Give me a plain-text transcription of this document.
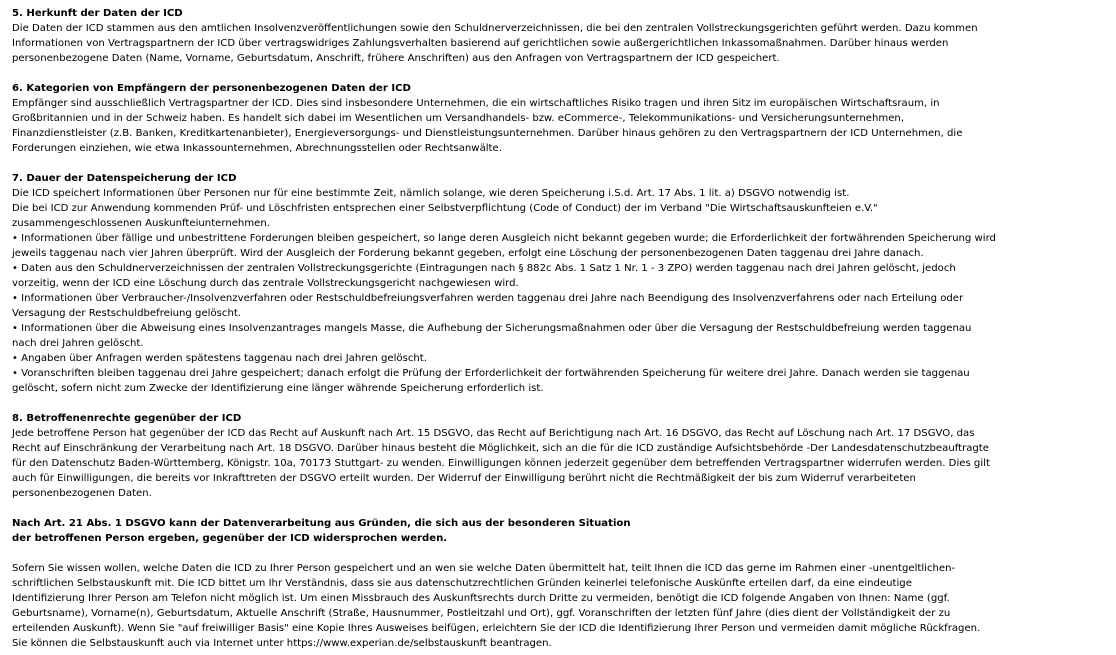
5. Herkunft der Daten der ICD

Die Daten der ICD stammen aus den amtlichen Insolvenzveröffentlichungen sowie den Schuldnerverzeichnissen, die bei den zentralen Vollstreckungsgerichten geführt werden. Dazu kommen
Informationen von Vertragspartnern der ICD über vertragswidriges Zahlungsverhalten basierend auf gerichtlichen sowie außergerichtlichen Inkassomaßnahmen. Darüber hinaus werden
personenbezogene Daten (Name, Vorname, Geburtsdatum, Anschrift, frühere Anschriften) aus den Anfragen von Vertragspartnern der ICD gespeichert.

6. Kategorien von Empfängern der personenbezogenen Daten der ICD

Empfänger sind ausschließlich Vertragspartner der ICD. Dies sind insbesondere Unternehmen, die ein wirtschaftliches Risiko tragen und ihren Sitz im europäischen Wirtschaftsraum, in
Großbritannien und in der Schweiz haben. Es handelt sich dabei im Wesentlichen um Versandhandels- bzw. eCommerce-, Telekommunikations- und Versicherungsunternehmen,
Finanzdienstleister (z.B. Banken, Kreditkartenanbieter), Energieversorgungs- und Dienstleistungsunternehmen. Darüber hinaus gehören zu den Vertragspartnern der ICD Unternehmen, die
Forderungen einziehen, wie etwa Inkassounternehmen, Abrechnungsstellen oder Rechtsanwälte.

7. Dauer der Datenspeicherung der ICD

Die ICD speichert Informationen über Personen nur für eine bestimmte Zeit, nämlich solange, wie deren Speicherung i.S.d. Art. 17 Abs. 1 lit. a) DSGVO notwendig ist.
Die bei ICD zur Anwendung kommenden Prüf- und Löschfristen entsprechen einer Selbstverpflichtung (Code of Conduct) der im Verband "Die Wirtschaftsauskunfteien e.V."
zusammengeschlossenen Auskunfteiunternehmen.
• Informationen über fällige und unbestrittene Forderungen bleiben gespeichert, so lange deren Ausgleich nicht bekannt gegeben wurde; die Erforderlichkeit der fortwährenden Speicherung wird
jeweils taggenau nach vier Jahren überprüft. Wird der Ausgleich der Forderung bekannt gegeben, erfolgt eine Löschung der personenbezogenen Daten taggenau drei Jahre danach.
• Daten aus den Schuldnerverzeichnissen der zentralen Vollstreckungsgerichte (Eintragungen nach § 882c Abs. 1 Satz 1 Nr. 1 - 3 ZPO) werden taggenau nach drei Jahren gelöscht, jedoch
vorzeitig, wenn der ICD eine Löschung durch das zentrale Vollstreckungsgericht nachgewiesen wird.
• Informationen über Verbraucher-/Insolvenzverfahren oder Restschuldbefreiungsverfahren werden taggenau drei Jahre nach Beendigung des Insolvenzverfahrens oder nach Erteilung oder
Versagung der Restschuldbefreiung gelöscht.
• Informationen über die Abweisung eines Insolvenzantrages mangels Masse, die Aufhebung der Sicherungsmaßnahmen oder über die Versagung der Restschuldbefreiung werden taggenau
nach drei Jahren gelöscht.
• Angaben über Anfragen werden spätestens taggenau nach drei Jahren gelöscht.
• Voranschriften bleiben taggenau drei Jahre gespeichert; danach erfolgt die Prüfung der Erforderlichkeit der fortwährenden Speicherung für weitere drei Jahre. Danach werden sie taggenau
gelöscht, sofern nicht zum Zwecke der Identifizierung eine länger währende Speicherung erforderlich ist.

8. Betroffenenrechte gegenüber der ICD

Jede betroffene Person hat gegenüber der ICD das Recht auf Auskunft nach Art. 15 DSGVO, das Recht auf Berichtigung nach Art. 16 DSGVO, das Recht auf Löschung nach Art. 17 DSGVO, das
Recht auf Einschränkung der Verarbeitung nach Art. 18 DSGVO. Darüber hinaus besteht die Möglichkeit, sich an die für die ICD zuständige Aufsichtsbehörde -Der Landesdatenschutzbeauftragte
für den Datenschutz Baden-Württemberg, Königstr. 10a, 70173 Stuttgart- zu wenden. Einwilligungen können jederzeit gegenüber dem betreffenden Vertragspartner widerrufen werden. Dies gilt
auch für Einwilligungen, die bereits vor Inkrafttreten der DSGVO erteilt wurden. Der Widerruf der Einwilligung berührt nicht die Rechtmäßigkeit der bis zum Widerruf verarbeiteten
personenbezogenen Daten.

Nach Art. 21 Abs. 1 DSGVO kann der Datenverarbeitung aus Gründen, die sich aus der besonderen Situation
der betroffenen Person ergeben, gegenüber der ICD widersprochen werden.

Sofern Sie wissen wollen, welche Daten die ICD zu Ihrer Person gespeichert und an wen sie welche Daten übermittelt hat, teilt Ihnen die ICD das gerne im Rahmen einer -unentgeltlichen-
schriftlichen Selbstauskunft mit. Die ICD bittet um Ihr Verständnis, dass sie aus datenschutzrechtlichen Gründen keinerlei telefonische Auskünfte erteilen darf, da eine eindeutige
Identifizierung Ihrer Person am Telefon nicht möglich ist. Um einen Missbrauch des Auskunftsrechts durch Dritte zu vermeiden, benötigt die ICD folgende Angaben von Ihnen: Name (ggf.
Geburtsname), Vorname(n), Geburtsdatum, Aktuelle Anschrift (Straße, Hausnummer, Postleitzahl und Ort), ggf. Voranschriften der letzten fünf Jahre (dies dient der Vollständigkeit der zu
erteilenden Auskunft). Wenn Sie "auf freiwilliger Basis" eine Kopie Ihres Ausweises beifügen, erleichtern Sie der ICD die Identifizierung Ihrer Person und vermeiden damit mögliche Rückfragen.
Sie können die Selbstauskunft auch via Internet unter https://www.experian.de/selbstauskunft beantragen.
